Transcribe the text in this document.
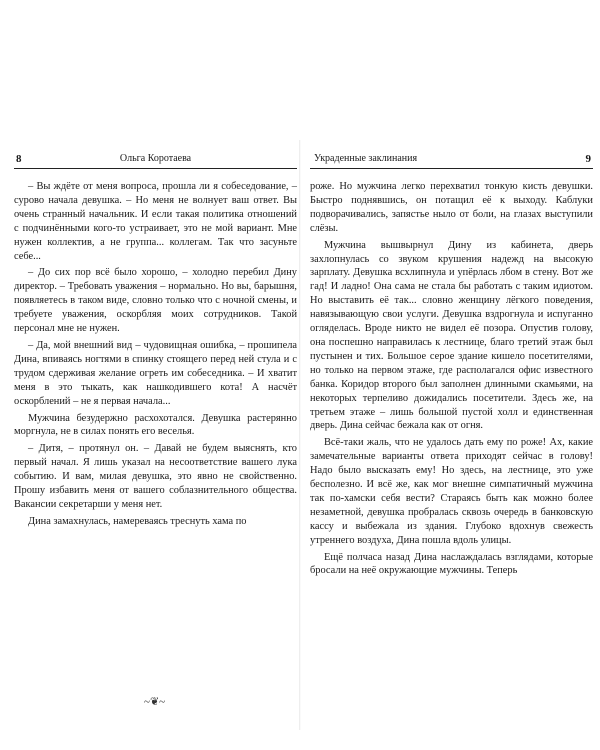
8	Ольга Коротаева

– Вы ждёте от меня вопроса, прошла ли я собеседование, – сурово начала девушка. – Но меня не волнует ваш ответ. Вы очень странный начальник. И если такая политика отношений с подчинёнными кого-то устраивает, это не мой вариант. Мне нужен коллектив, а не группа... коллегам. Так что засуньте себе...

– До сих пор всё было хорошо, – холодно перебил Дину директор. – Требовать уважения – нормально. Но вы, барышня, появляетесь в таком виде, словно только что с ночной смены, и требуете уважения, оскорбляя моих сотрудников. Такой персонал мне не нужен.

– Да, мой внешний вид – чудовищная ошибка, – прошипела Дина, впиваясь ногтями в спинку стоящего перед ней стула и с трудом сдерживая желание огреть им собеседника. – И хватит меня в это тыкать, как нашкодившего кота! А насчёт оскорблений – не я первая начала...

Мужчина безудержно расхохотался. Девушка растерянно моргнула, не в силах понять его веселья.

– Дитя, – протянул он. – Давай не будем выяснять, кто первый начал. Я лишь указал на несоответствие вашего лука событию. И вам, милая девушка, это явно не свойственно. Прошу избавить меня от вашего соблазнительного общества. Вакансии секретарши у меня нет.

Дина замахнулась, намереваясь треснуть хама по

~❦~
Украденные заклинания	9

роже. Но мужчина легко перехватил тонкую кисть девушки. Быстро поднявшись, он потащил её к выходу. Каблуки подворачивались, запястье ныло от боли, на глазах выступили слёзы.

Мужчина вышвырнул Дину из кабинета, дверь захлопнулась со звуком крушения надежд на высокую зарплату. Девушка всхлипнула и упёрлась лбом в стену. Вот же гад! И ладно! Она сама не стала бы работать с таким идиотом. Но выставить её так... словно женщину лёгкого поведения, навязывающую свои услуги. Девушка вздрогнула и испуганно огляделась. Вроде никто не видел её позора. Опустив голову, она поспешно направилась к лестнице, благо третий этаж был пустынен и тих. Большое серое здание кишело посетителями, но только на первом этаже, где располагался офис известного банка. Коридор второго был заполнен длинными скамьями, на некоторых терпеливо дожидались посетители. Здесь же, на третьем этаже – лишь большой пустой холл и единственная дверь. Дина сейчас бежала как от огня.

Всё-таки жаль, что не удалось дать ему по роже! Ах, какие замечательные варианты ответа приходят сейчас в голову! Надо было высказать ему! Но здесь, на лестнице, это уже бесполезно. И всё же, как мог внешне симпатичный мужчина так по-хамски себя вести? Стараясь быть как можно более незаметной, девушка пробралась сквозь очередь в банковскую кассу и выбежала из здания. Глубоко вдохнув свежесть утреннего воздуха, Дина пошла вдоль улицы.

Ещё полчаса назад Дина наслаждалась взглядами, которые бросали на неё окружающие мужчины. Теперь
